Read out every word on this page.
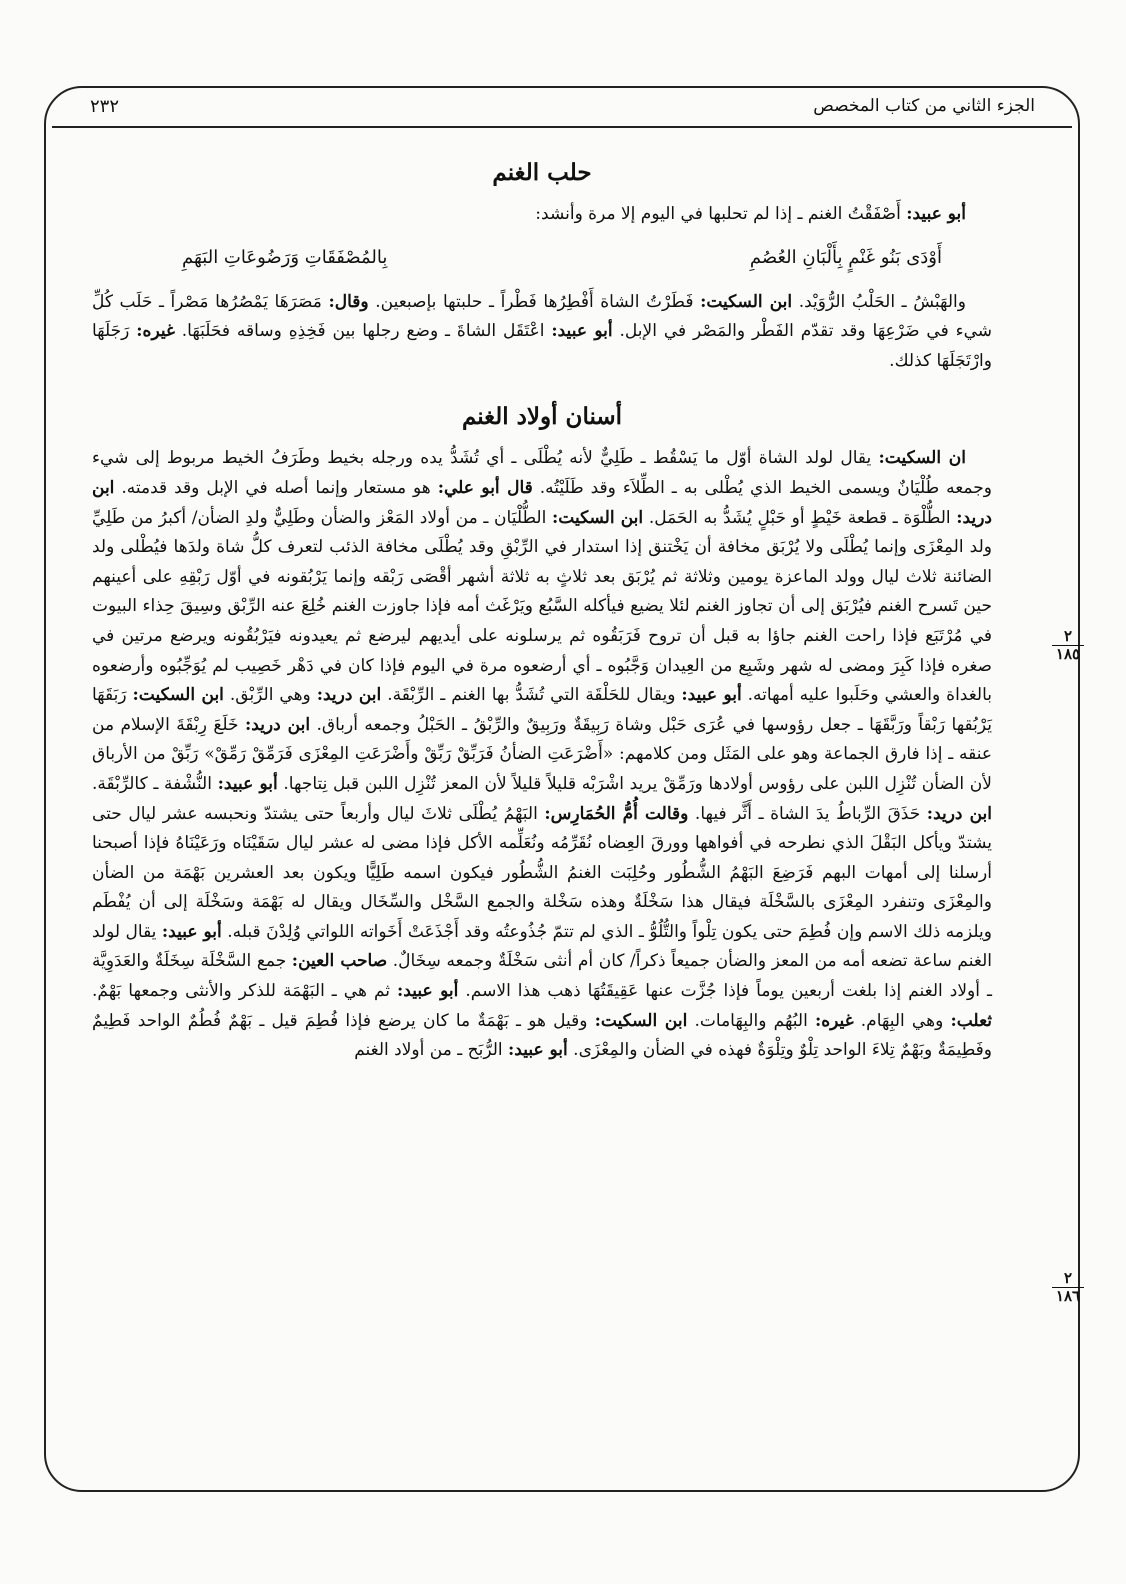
الجزء الثاني من كتاب المخصص
٢٣٢
حلب الغنم

أبو عبيد: أَصْفَقْتُ الغنم ـ إذا لم تحلبها في اليوم إلا مرة وأنشد:

أَوْدَى بَنُو غَنْمٍ بِأَلْبَانِ العُصُمِ
بِالمُصْفَقَاتِ وَرَضُوعَاتِ البَهَمِ

والهَبْشُ ـ الحَلْبُ الرُّوَيْد. ابن السكيت: فَطَرْتُ الشاة أَفْطِرُها فَطْراً ـ حلبتها بإصبعين. وقال: مَصَرَهَا يَمْصُرُها مَصْراً ـ حَلَب كُلِّ شيء في ضَرْعِهَا وقد تقدّم الفَطْر والمَصْر في الإبل. أبو عبيد: اعْتَقَل الشاةَ ـ وضع رجلها بين فَخِذِهِ وساقه فحَلَبَهَا. غيره: رَجَلَهَا وارْتَجَلَهَا كذلك.

أسنان أولاد الغنم

ان السكيت: يقال لولد الشاة أوّل ما يَسْقُط ـ طَلِيٌّ لأنه يُطْلَى ـ أي تُشَدُّ يده ورجله بخيط وطَرَفُ الخيط مربوط إلى شيء وجمعه طُلْيَانٌ ويسمى الخيط الذي يُطْلى به ـ الطِّلاَء وقد طَلَيْتُه. قال أبو علي: هو مستعار وإنما أصله في الإبل وقد قدمته. ابن دريد: الطُّلْوَة ـ قطعة خَيْطٍ أو حَبْلٍ يُشَدُّ به الحَمَل. ابن السكيت: الطُّلْيَان ـ من أولاد المَعْز والضأن وطَلِيٌّ ولدِ الضأن/ أكبرُ من طَلِيِّ ولد المِعْزَى وإنما يُطْلَى ولا يُرْبَق مخافة أن يَخْتنق إذا استدار في الرِّبْقِ وقد يُطْلَى مخافة الذئب لتعرف كلُّ شاة ولدَها فيُطْلى ولد الضائنة ثلاث ليال وولد الماعزة يومين وثلاثة ثم يُرْبَق بعد ثلاثٍ به ثلاثة أشهر أقْصَى رَبْقه وإنما يَرْبُقونه في أوّل رَبْقِهِ على أعينهم حين تَسرح الغنم فيُرْبَق إلى أن تجاوز الغنم لئلا يضيع فيأكله السَّبُع ويَرْغَث أمه فإذا جاوزت الغنم خُلِعَ عنه الرِّبْق وسِيقَ حِذاء البيوت في مُرْتَبَع فإذا راحت الغنم جاؤا به قبل أن تروح فَرَبَقُوه ثم يرسلونه على أيديهم ليرضع ثم يعيدونه فيَرْبُقُونه ويرضع مرتين في صغره فإذا كَبِرَ ومضى له شهر وشَبِع من العِيدان وَجَّبُوه ـ أي أرضعوه مرة في اليوم فإذا كان في دَهْر خَصِيب لم يُوَجِّبُوه وأرضعوه بالغداة والعشي وحَلَبوا عليه أمهاته. أبو عبيد: ويقال للحَلْقَة التي تُشَدُّ بها الغنم ـ الرِّبْقَة. ابن دريد: وهي الرِّبْق. ابن السكيت: رَبَقَهَا يَرْبُقها رَبْقاً ورَبَّقَهَا ـ جعل رؤوسها في عُرَى حَبْل وشاة رَبِيقَةٌ ورَبِيقٌ والرِّبْقُ ـ الحَبْلُ وجمعه أرباق. ابن دريد: خَلَعَ رِبْقَةَ الإسلام من عنقه ـ إذا فارق الجماعة وهو على المَثَل ومن كلامهم: «أَضْرَعَتِ الضأنُ فَرَبِّقْ رَبِّقْ وأَضْرَعَتِ المِعْزَى فَرَمِّقْ رَمِّقْ» رَبِّقْ من الأرباق لأن الضأن تُنْزِل اللبن على رؤوس أولادها ورَمِّقْ يريد اشْرَبْه قليلاً قليلاً لأن المعز تُنْزِل اللبن قبل نِتاجها. أبو عبيد: النُّشْفة ـ كالرِّبْقَة. ابن دريد: حَذَقَ الرِّباطُ يدَ الشاة ـ أَثَّر فيها. وقالت أُمُّ الحُمَارِس: البَهْمُ يُطْلَى ثلاثَ ليال وأربعاً حتى يشتدّ ونحبسه عشر ليال حتى يشتدّ ويأكل البَقْلَ الذي نطرحه في أفواهها وورقَ العِضاه نُقَرِّمُه ونُعَلِّمه الأكل فإذا مضى له عشر ليال سَقَيْنَاه ورَعَيْنَاهُ فإذا أصبحنا أرسلنا إلى أمهات البهم فَرَضِعَ البَهْمُ الشُّطُور وحُلِبَت الغنمُ الشُّطُور فيكون اسمه طَلِيًّا ويكون بعد العشرين بَهْمَة من الضأن والمِعْزَى وتنفرد المِعْزَى بالسَّخْلَة فيقال هذا سَخْلَةٌ وهذه سَخْلة والجمع السَّخْل والسِّخَال ويقال له بَهْمَة وسَخْلَة إلى أن يُفْطَم ويلزمه ذلك الاسم وإن فُطِمَ حتى يكون تِلْواً والتُّلُوُّ ـ الذي لم تتمّ جُذُوعتُه وقد أَجْذَعَتْ أَخَواته اللواتي وُلِدْنَ قبله. أبو عبيد: يقال لولد الغنم ساعة تضعه أمه من المعز والضأن جميعاً ذكراً/ كان أم أنثى سَخْلَةٌ وجمعه سِخَالٌ. صاحب العين: جمع السَّخْلَة سِخَلَةٌ والعَدَوِيَّة ـ أولاد الغنم إذا بلغت أربعين يوماً فإذا جُزَّت عنها عَقِيقَتُهَا ذهب هذا الاسم. أبو عبيد: ثم هي ـ البَهْمَة للذكر والأنثى وجمعها بَهْمٌ. ثعلب: وهي البِهَام. غيره: البُهُم والبِهَامات. ابن السكيت: وقيل هو ـ بَهْمَةٌ ما كان يرضع فإذا فُطِمَ قيل ـ بَهْمٌ فُطُمٌ الواحد فَطِيمٌ وفَطِيمَةٌ وبَهْمٌ تِلاءَ الواحد تِلْوٌ وتِلْوَةٌ فهذه في الضأن والمِعْزَى. أبو عبيد: الرُّبَح ـ من أولاد الغنم

٢
١٨٥
٢
١٨٦
